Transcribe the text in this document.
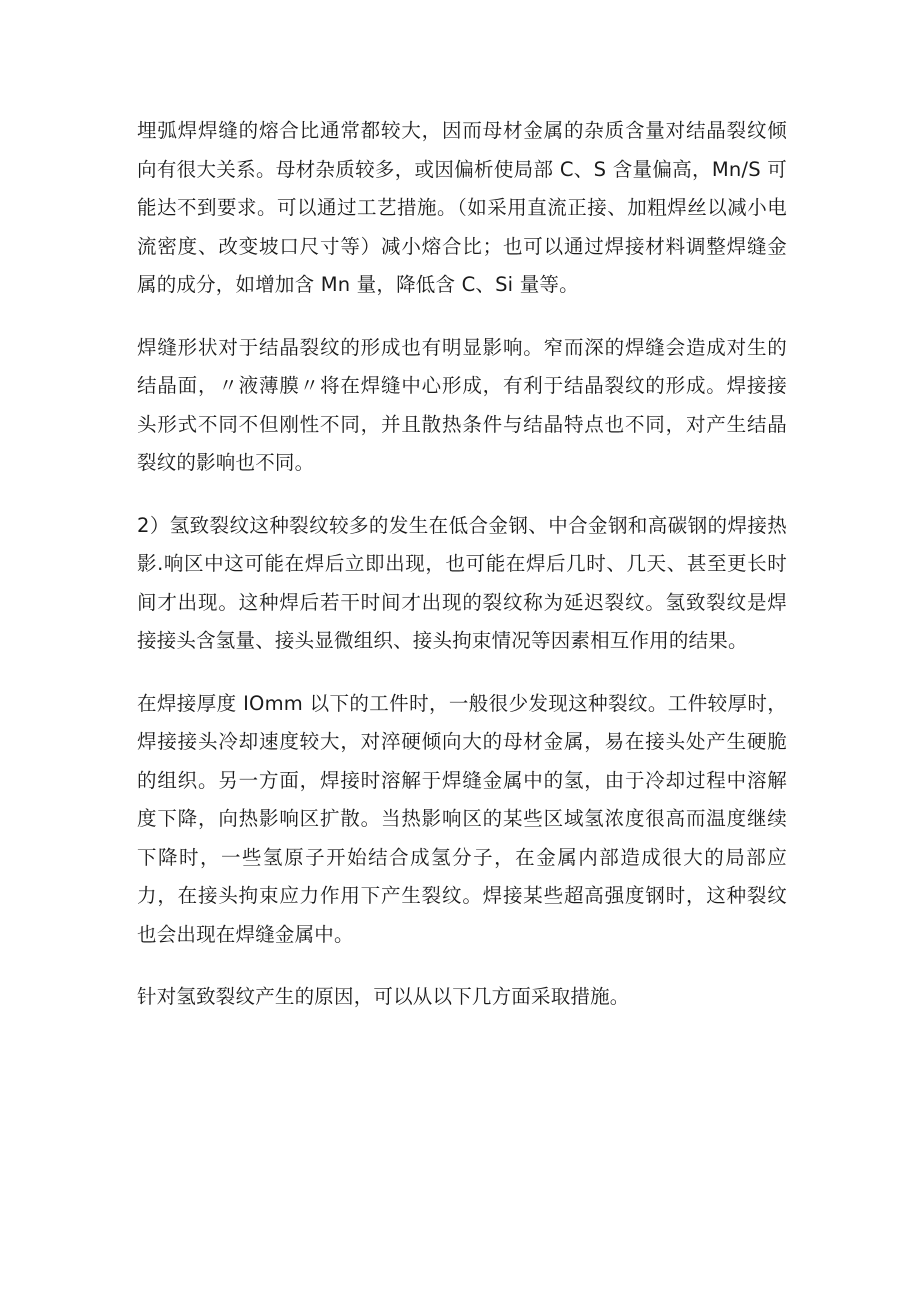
埋弧焊焊缝的熔合比通常都较大，因而母材金属的杂质含量对结晶裂纹倾向有很大关系。母材杂质较多，或因偏析使局部 C、S 含量偏高，Mn/S 可能达不到要求。可以通过工艺措施。（如采用直流正接、加粗焊丝以减小电流密度、改变坡口尺寸等）减小熔合比；也可以通过焊接材料调整焊缝金属的成分，如增加含 Mn 量，降低含 C、Si 量等。

焊缝形状对于结晶裂纹的形成也有明显影响。窄而深的焊缝会造成对生的结晶面，〃液薄膜〃将在焊缝中心形成，有利于结晶裂纹的形成。焊接接头形式不同不但刚性不同，并且散热条件与结晶特点也不同，对产生结晶裂纹的影响也不同。

2）氢致裂纹这种裂纹较多的发生在低合金钢、中合金钢和高碳钢的焊接热影.响区中这可能在焊后立即出现，也可能在焊后几时、几天、甚至更长时间才出现。这种焊后若干时间才出现的裂纹称为延迟裂纹。氢致裂纹是焊接接头含氢量、接头显微组织、接头拘束情况等因素相互作用的结果。

在焊接厚度 IOmm 以下的工件时，一般很少发现这种裂纹。工件较厚时，焊接接头冷却速度较大，对淬硬倾向大的母材金属，易在接头处产生硬脆的组织。另一方面，焊接时溶解于焊缝金属中的氢，由于冷却过程中溶解度下降，向热影响区扩散。当热影响区的某些区域氢浓度很高而温度继续下降时，一些氢原子开始结合成氢分子，在金属内部造成很大的局部应力，在接头拘束应力作用下产生裂纹。焊接某些超高强度钢时，这种裂纹也会出现在焊缝金属中。

针对氢致裂纹产生的原因，可以从以下几方面采取措施。
